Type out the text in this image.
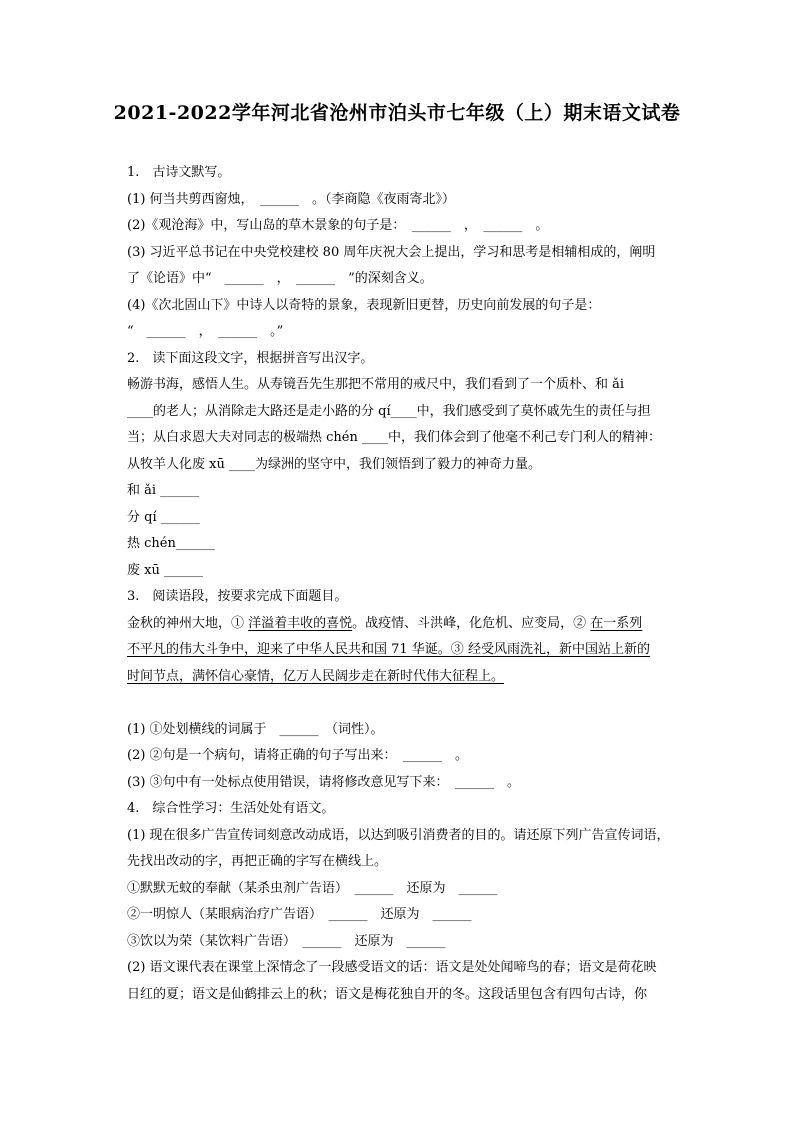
2021-2022学年河北省沧州市泊头市七年级（上）期末语文试卷
1.　古诗文默写。
(1) 何当共剪西窗烛，　______　。（李商隐《夜雨寄北》）
(2)《观沧海》中，写山岛的草木景象的句子是：　______　，　______　。
(3) 习近平总书记在中央党校建校 80 周年庆祝大会上提出，学习和思考是相辅相成的，阐明
了《论语》中“　______　，　______　”的深刻含义。
(4)《次北固山下》中诗人以奇特的景象，表现新旧更替，历史向前发展的句子是：
“　______　，　______　。”
2.　读下面这段文字，根据拼音写出汉字。
畅游书海，感悟人生。从寿镜吾先生那把不常用的戒尺中，我们看到了一个质朴、和 ǎi
____的老人；从消除走大路还是走小路的分 qí____中，我们感受到了莫怀戚先生的责任与担
当；从白求恩大夫对同志的极端热 chén ____中，我们体会到了他毫不利己专门利人的精神：
从牧羊人化废 xū ____为绿洲的坚守中，我们领悟到了毅力的神奇力量。
和 ǎi ______
分 qí ______
热 chén______
废 xū ______
3.　阅读语段，按要求完成下面题目。
金秋的神州大地，① 洋溢着丰收的喜悦。战疫情、斗洪峰，化危机、应变局，② 在一系列
不平凡的伟大斗争中，迎来了中华人民共和国 71 华诞。③ 经受风雨洗礼，新中国站上新的
时间节点，满怀信心豪情，亿万人民阔步走在新时代伟大征程上。
(1) ①处划横线的词属于　______　（词性）。
(2) ②句是一个病句，请将正确的句子写出来：　______　。
(3) ③句中有一处标点使用错误，请将修改意见写下来：　______　。
4.　综合性学习：生活处处有语文。
(1) 现在很多广告宣传词刻意改动成语，以达到吸引消费者的目的。请还原下列广告宣传词语，
先找出改动的字，再把正确的字写在横线上。
①默默无蚊的奉献（某杀虫剂广告语）　______　还原为　______
②一明惊人（某眼病治疗广告语）　______　还原为　______
③饮以为荣（某饮料广告语）　______　还原为　______
(2) 语文课代表在课堂上深情念了一段感受语文的话：语文是处处闻啼鸟的春；语文是荷花映
日红的夏；语文是仙鹤排云上的秋；语文是梅花独自开的冬。这段话里包含有四句古诗，你
